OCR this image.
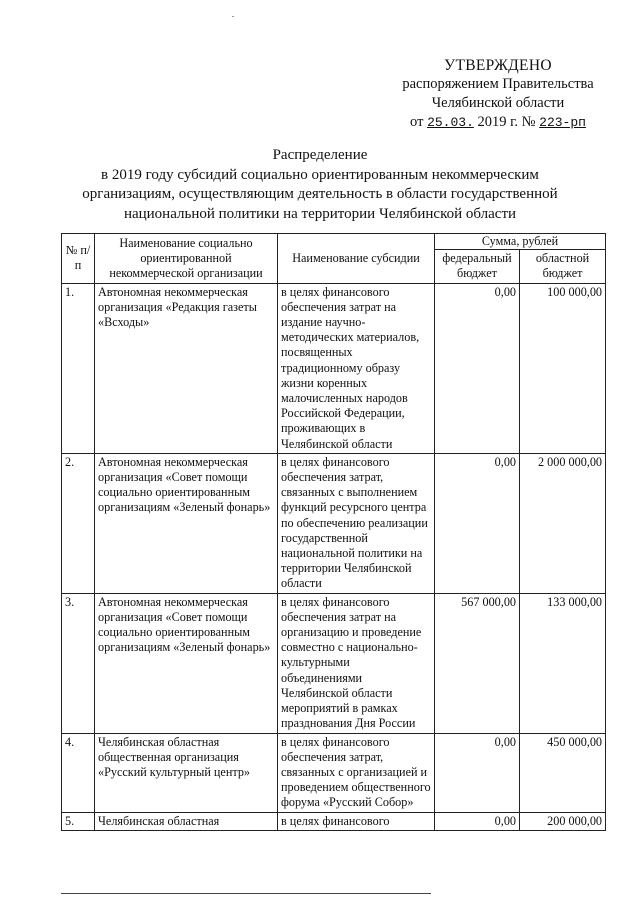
УТВЕРЖДЕНО
распоряжением Правительства
Челябинской области
от 25.03. 2019 г. № 223-рп
Распределение
в 2019 году субсидий социально ориентированным некоммерческим
организациям, осуществляющим деятельность в области государственной
национальной политики на территории Челябинской области
№ п/п	Наименование социально ориентированной некоммерческой организации	Наименование субсидии	Сумма, рублей	
			федеральный бюджет	областной бюджет
1.	Автономная некоммерческая организация «Редакция газеты «Всходы»	в целях финансового обеспечения затрат на издание научно-методических материалов, посвященных традиционному образу жизни коренных малочисленных народов Российской Федерации, проживающих в Челябинской области	0,00	100 000,00
2.	Автономная некоммерческая организация «Совет помощи социально ориентированным организациям «Зеленый фонарь»	в целях финансового обеспечения затрат, связанных с выполнением функций ресурсного центра по обеспечению реализации государственной национальной политики на территории Челябинской области	0,00	2 000 000,00
3.	Автономная некоммерческая организация «Совет помощи социально ориентированным организациям «Зеленый фонарь»	в целях финансового обеспечения затрат на организацию и проведение совместно с национально-культурными объединениями Челябинской области мероприятий в рамках празднования Дня России	567 000,00	133 000,00
4.	Челябинская областная общественная организация «Русский культурный центр»	в целях финансового обеспечения затрат, связанных с организацией и проведением общественного форума «Русский Собор»	0,00	450 000,00
5.	Челябинская областная	в целях финансового	0,00	200 000,00
